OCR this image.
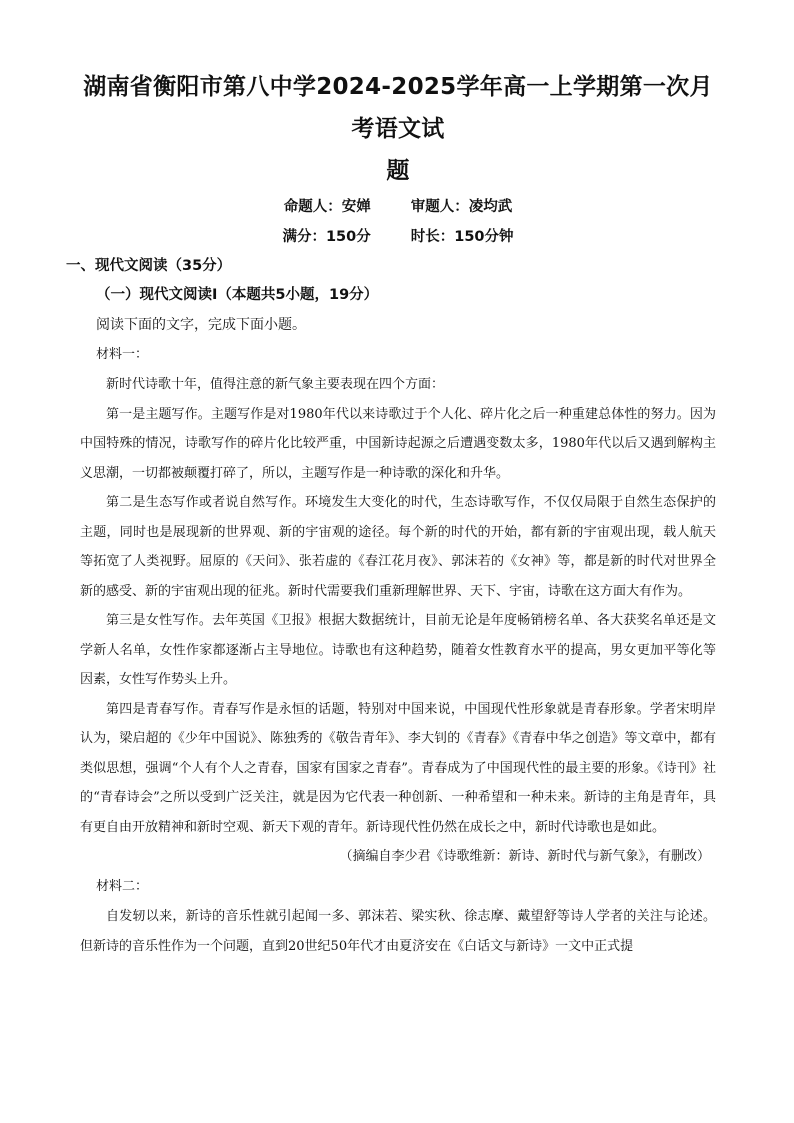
湖南省衡阳市第八中学2024-2025学年高一上学期第一次月考语文试

题

命题人：安婵	审题人：凌均武

满分：150分	时长：150分钟

一、现代文阅读（35分）

（一）现代文阅读I（本题共5小题，19分）

阅读下面的文字，完成下面小题。

材料一：

新时代诗歌十年，值得注意的新气象主要表现在四个方面：

第一是主题写作。主题写作是对1980年代以来诗歌过于个人化、碎片化之后一种重建总体性的努力。因为中国特殊的情况，诗歌写作的碎片化比较严重，中国新诗起源之后遭遇变数太多，1980年代以后又遇到解构主义思潮，一切都被颠覆打碎了，所以，主题写作是一种诗歌的深化和升华。

第二是生态写作或者说自然写作。环境发生大变化的时代，生态诗歌写作，不仅仅局限于自然生态保护的主题，同时也是展现新的世界观、新的宇宙观的途径。每个新的时代的开始，都有新的宇宙观出现，载人航天等拓宽了人类视野。屈原的《天问》、张若虚的《春江花月夜》、郭沫若的《女神》等，都是新的时代对世界全新的感受、新的宇宙观出现的征兆。新时代需要我们重新理解世界、天下、宇宙，诗歌在这方面大有作为。

第三是女性写作。去年英国《卫报》根据大数据统计，目前无论是年度畅销榜名单、各大获奖名单还是文学新人名单，女性作家都逐渐占主导地位。诗歌也有这种趋势，随着女性教育水平的提高，男女更加平等化等因素，女性写作势头上升。

第四是青春写作。青春写作是永恒的话题，特别对中国来说，中国现代性形象就是青春形象。学者宋明岸认为，梁启超的《少年中国说》、陈独秀的《敬告青年》、李大钊的《青春》《青春中华之创造》等文章中，都有类似思想，强调“个人有个人之青春，国家有国家之青春”。青春成为了中国现代性的最主要的形象。《诗刊》社的“青春诗会”之所以受到广泛关注，就是因为它代表一种创新、一种希望和一种未来。新诗的主角是青年，具有更自由开放精神和新时空观、新天下观的青年。新诗现代性仍然在成长之中，新时代诗歌也是如此。

（摘编自李少君《诗歌维新：新诗、新时代与新气象》，有删改）

材料二：

自发轫以来，新诗的音乐性就引起闻一多、郭沫若、梁实秋、徐志摩、戴望舒等诗人学者的关注与论述。但新诗的音乐性作为一个问题，直到20世纪50年代才由夏济安在《白话文与新诗》一文中正式提
